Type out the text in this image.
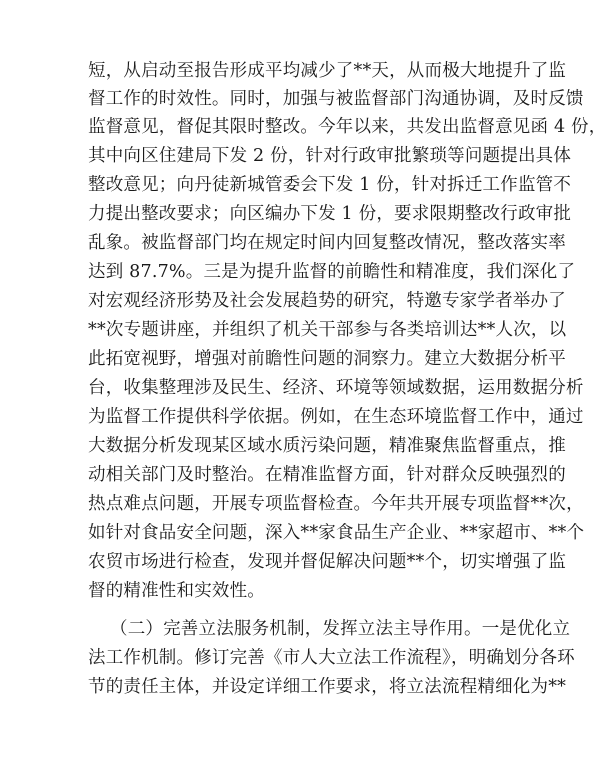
短，从启动至报告形成平均减少了**天，从而极大地提升了监
督工作的时效性。同时，加强与被监督部门沟通协调，及时反馈
监督意见，督促其限时整改。今年以来，共发出监督意见函 4 份，
其中向区住建局下发 2 份，针对行政审批繁琐等问题提出具体
整改意见；向丹徒新城管委会下发 1 份，针对拆迁工作监管不
力提出整改要求；向区编办下发 1 份，要求限期整改行政审批
乱象。被监督部门均在规定时间内回复整改情况，整改落实率
达到 87.7%。三是为提升监督的前瞻性和精准度，我们深化了
对宏观经济形势及社会发展趋势的研究，特邀专家学者举办了
**次专题讲座，并组织了机关干部参与各类培训达**人次，以
此拓宽视野，增强对前瞻性问题的洞察力。建立大数据分析平
台，收集整理涉及民生、经济、环境等领域数据，运用数据分析
为监督工作提供科学依据。例如，在生态环境监督工作中，通过
大数据分析发现某区域水质污染问题，精准聚焦监督重点，推
动相关部门及时整治。在精准监督方面，针对群众反映强烈的
热点难点问题，开展专项监督检查。今年共开展专项监督**次，
如针对食品安全问题，深入**家食品生产企业、**家超市、**个
农贸市场进行检查，发现并督促解决问题**个，切实增强了监
督的精准性和实效性。
（二）完善立法服务机制，发挥立法主导作用。一是优化立
法工作机制。修订完善《市人大立法工作流程》，明确划分各环
节的责任主体，并设定详细工作要求，将立法流程精细化为**
